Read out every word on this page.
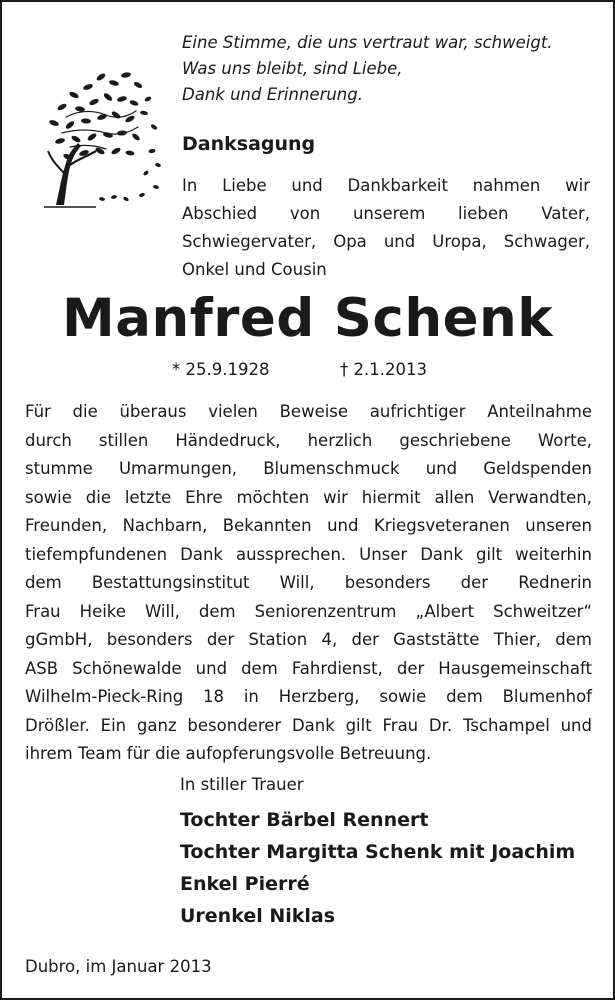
Eine Stimme, die uns vertraut war, schweigt.
Was uns bleibt, sind Liebe,
Dank und Erinnerung.
Danksagung
In Liebe und Dankbarkeit nahmen wir
Abschied von unserem lieben Vater,
Schwiegervater, Opa und Uropa, Schwager,
Onkel und Cousin
Manfred Schenk
* 25.9.1928	† 2.1.2013
Für die überaus vielen Beweise aufrichtiger Anteilnahme
durch stillen Händedruck, herzlich geschriebene Worte,
stumme Umarmungen, Blumenschmuck und Geldspenden
sowie die letzte Ehre möchten wir hiermit allen Verwandten,
Freunden, Nachbarn, Bekannten und Kriegsveteranen unseren
tiefempfundenen Dank aussprechen. Unser Dank gilt weiterhin
dem Bestattungsinstitut Will, besonders der Rednerin
Frau Heike Will, dem Seniorenzentrum „Albert Schweitzer“
gGmbH, besonders der Station 4, der Gaststätte Thier, dem
ASB Schönewalde und dem Fahrdienst, der Hausgemeinschaft
Wilhelm-Pieck-Ring 18 in Herzberg, sowie dem Blumenhof
Drößler. Ein ganz besonderer Dank gilt Frau Dr. Tschampel und
ihrem Team für die aufopferungsvolle Betreuung.
In stiller Trauer
Tochter Bärbel Rennert
Tochter Margitta Schenk mit Joachim
Enkel Pierré
Urenkel Niklas
Dubro, im Januar 2013
